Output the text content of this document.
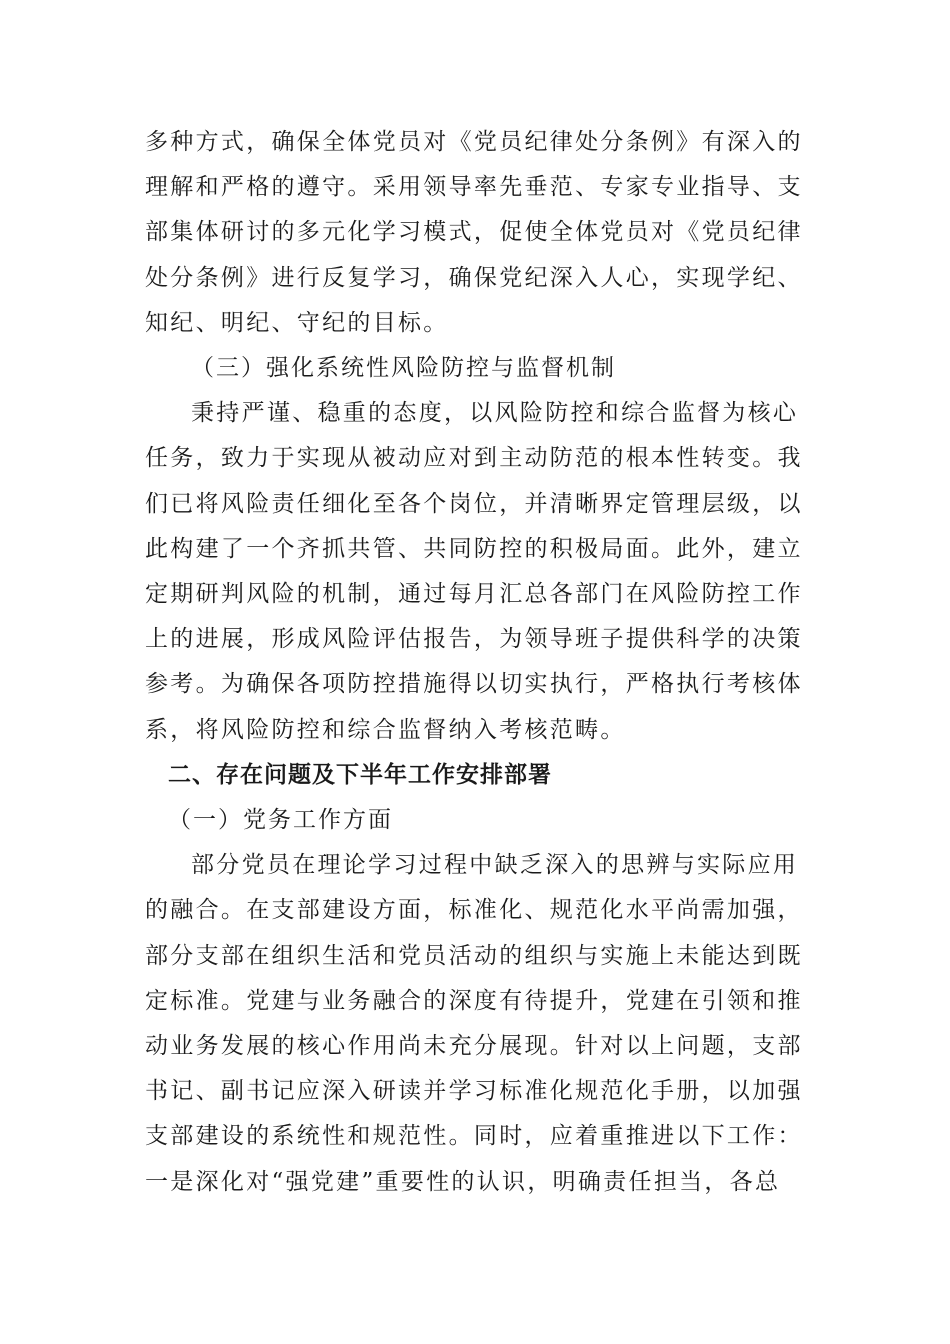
多种方式，确保全体党员对《党员纪律处分条例》有深入的
理解和严格的遵守。采用领导率先垂范、专家专业指导、支
部集体研讨的多元化学习模式，促使全体党员对《党员纪律
处分条例》进行反复学习，确保党纪深入人心，实现学纪、
知纪、明纪、守纪的目标。

（三）强化系统性风险防控与监督机制

秉持严谨、稳重的态度，以风险防控和综合监督为核心
任务，致力于实现从被动应对到主动防范的根本性转变。我
们已将风险责任细化至各个岗位，并清晰界定管理层级，以
此构建了一个齐抓共管、共同防控的积极局面。此外，建立
定期研判风险的机制，通过每月汇总各部门在风险防控工作
上的进展，形成风险评估报告，为领导班子提供科学的决策
参考。为确保各项防控措施得以切实执行，严格执行考核体
系，将风险防控和综合监督纳入考核范畴。

二、存在问题及下半年工作安排部署

（一）党务工作方面

部分党员在理论学习过程中缺乏深入的思辨与实际应用
的融合。在支部建设方面，标准化、规范化水平尚需加强，
部分支部在组织生活和党员活动的组织与实施上未能达到既
定标准。党建与业务融合的深度有待提升，党建在引领和推
动业务发展的核心作用尚未充分展现。针对以上问题，支部
书记、副书记应深入研读并学习标准化规范化手册，以加强
支部建设的系统性和规范性。同时，应着重推进以下工作：
一是深化对“强党建”重要性的认识，明确责任担当，各总
